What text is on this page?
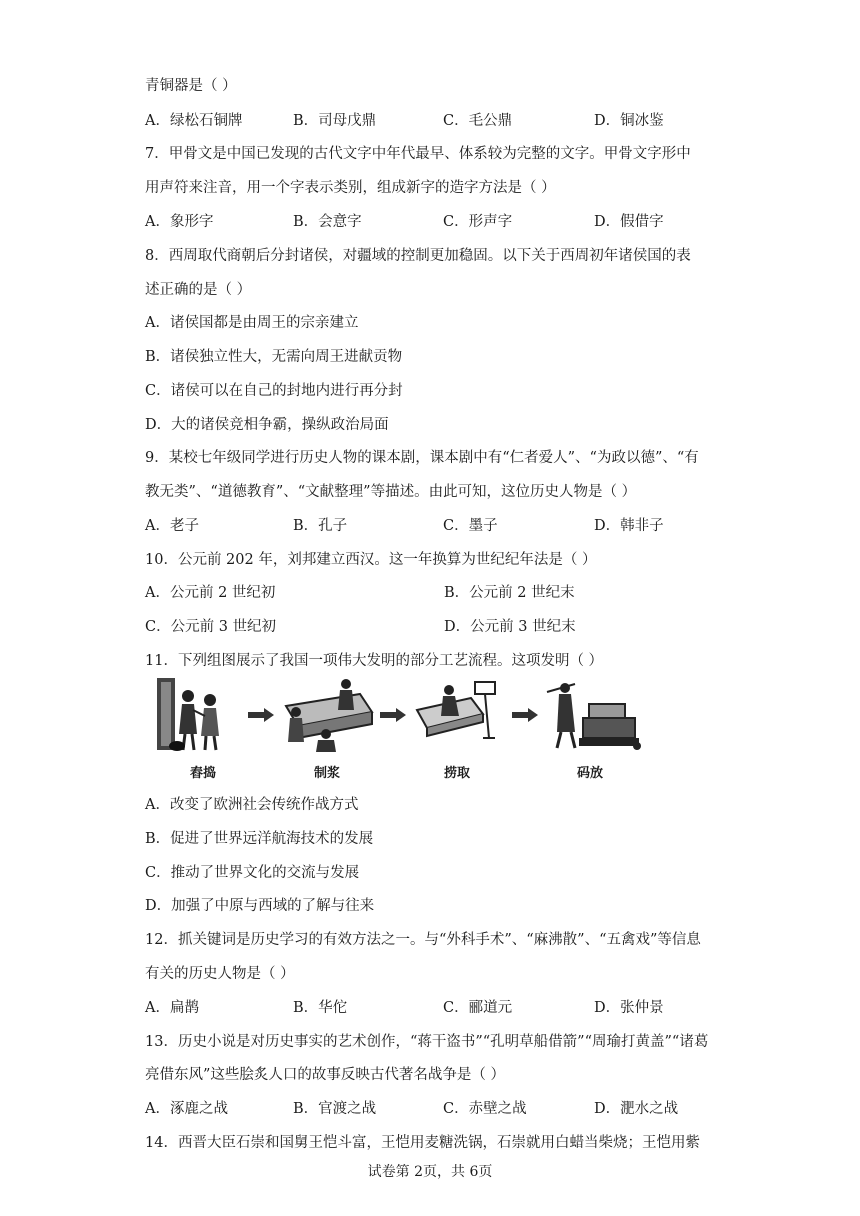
青铜器是（ ）
A．绿松石铜牌	B．司母戊鼎	C．毛公鼎	D．铜冰鉴
7．甲骨文是中国已发现的古代文字中年代最早、体系较为完整的文字。甲骨文字形中
用声符来注音，用一个字表示类别，组成新字的造字方法是（ ）
A．象形字	B．会意字	C．形声字	D．假借字
8．西周取代商朝后分封诸侯，对疆域的控制更加稳固。以下关于西周初年诸侯国的表
述正确的是（ ）
A．诸侯国都是由周王的宗亲建立
B．诸侯独立性大，无需向周王进献贡物
C．诸侯可以在自己的封地内进行再分封
D．大的诸侯竞相争霸，操纵政治局面
9．某校七年级同学进行历史人物的课本剧，课本剧中有“仁者爱人”、“为政以德”、“有
教无类”、“道德教育”、“文献整理”等描述。由此可知，这位历史人物是（ ）
A．老子	B．孔子	C．墨子	D．韩非子
10．公元前 202 年，刘邦建立西汉。这一年换算为世纪纪年法是（ ）
A．公元前 2 世纪初	B．公元前 2 世纪末
C．公元前 3 世纪初	D．公元前 3 世纪末
11．下列组图展示了我国一项伟大发明的部分工艺流程。这项发明（ ）
舂捣	制浆	捞取	码放
A．改变了欧洲社会传统作战方式
B．促进了世界远洋航海技术的发展
C．推动了世界文化的交流与发展
D．加强了中原与西域的了解与往来
12．抓关键词是历史学习的有效方法之一。与“外科手术”、“麻沸散”、“五禽戏”等信息
有关的历史人物是（ ）
A．扁鹊	B．华佗	C．郦道元	D．张仲景
13．历史小说是对历史事实的艺术创作，“蒋干盗书”“孔明草船借箭”“周瑜打黄盖”“诸葛
亮借东风”这些脍炙人口的故事反映古代著名战争是（ ）
A．涿鹿之战	B．官渡之战	C．赤壁之战	D．淝水之战
14．西晋大臣石崇和国舅王恺斗富，王恺用麦糖洗锅，石崇就用白蜡当柴烧；王恺用紫
试卷第 2页，共 6页
